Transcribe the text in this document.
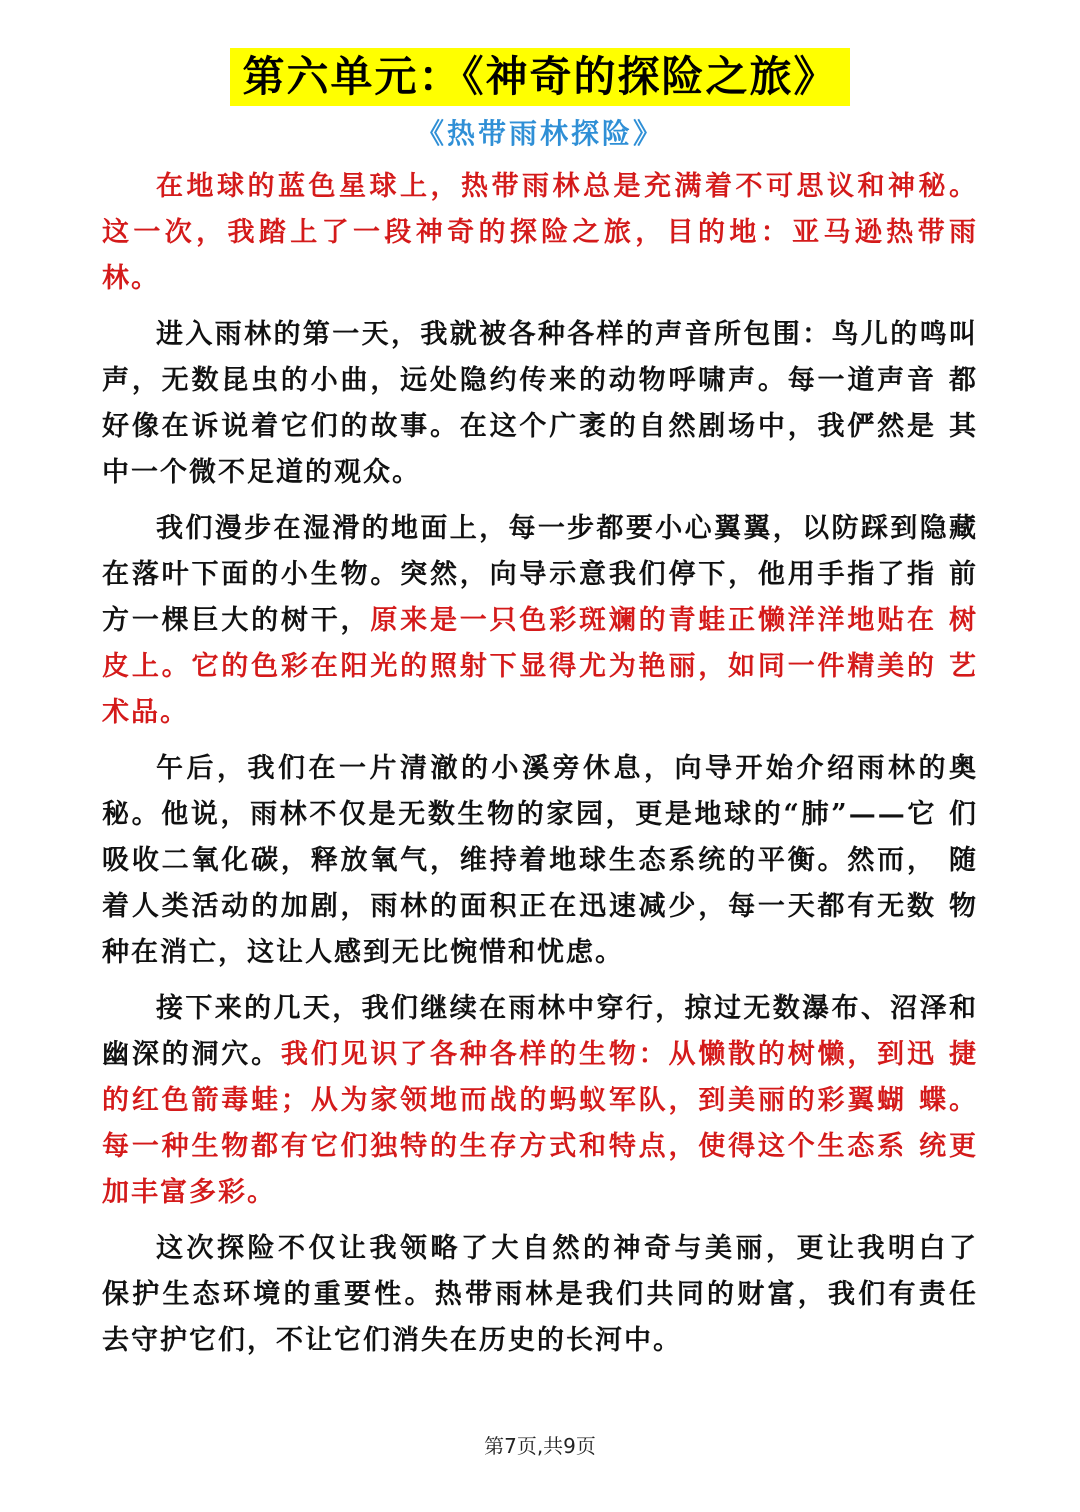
第六单元：《神奇的探险之旅》
《热带雨林探险》

在地球的蓝色星球上，热带雨林总是充满着不可思议和神秘。 这一次，我踏上了一段神奇的探险之旅，目的地：亚马逊热带雨 林。

进入雨林的第一天，我就被各种各样的声音所包围：鸟儿的鸣叫声，无数昆虫的小曲，远处隐约传来的动物呼啸声。每一道声音 都好像在诉说着它们的故事。在这个广袤的自然剧场中，我俨然是 其中一个微不足道的观众。

我们漫步在湿滑的地面上，每一步都要小心翼翼，以防踩到隐藏在落叶下面的小生物。突然，向导示意我们停下，他用手指了指 前方一棵巨大的树干，原来是一只色彩斑斓的青蛙正懒洋洋地贴在 树皮上。它的色彩在阳光的照射下显得尤为艳丽，如同一件精美的 艺术品。

午后，我们在一片清澈的小溪旁休息，向导开始介绍雨林的奥秘。他说，雨林不仅是无数生物的家园，更是地球的“肺”——它 们吸收二氧化碳，释放氧气，维持着地球生态系统的平衡。然而， 随着人类活动的加剧，雨林的面积正在迅速减少，每一天都有无数 物种在消亡，这让人感到无比惋惜和忧虑。

接下来的几天，我们继续在雨林中穿行，掠过无数瀑布、沼泽和幽深的洞穴。我们见识了各种各样的生物：从懒散的树懒，到迅 捷的红色箭毒蛙；从为家领地而战的蚂蚁军队，到美丽的彩翼蝴 蝶。每一种生物都有它们独特的生存方式和特点，使得这个生态系 统更加丰富多彩。

这次探险不仅让我领略了大自然的神奇与美丽，更让我明白了 保护生态环境的重要性。热带雨林是我们共同的财富，我们有责任 去守护它们，不让它们消失在历史的长河中。

第7页,共9页
